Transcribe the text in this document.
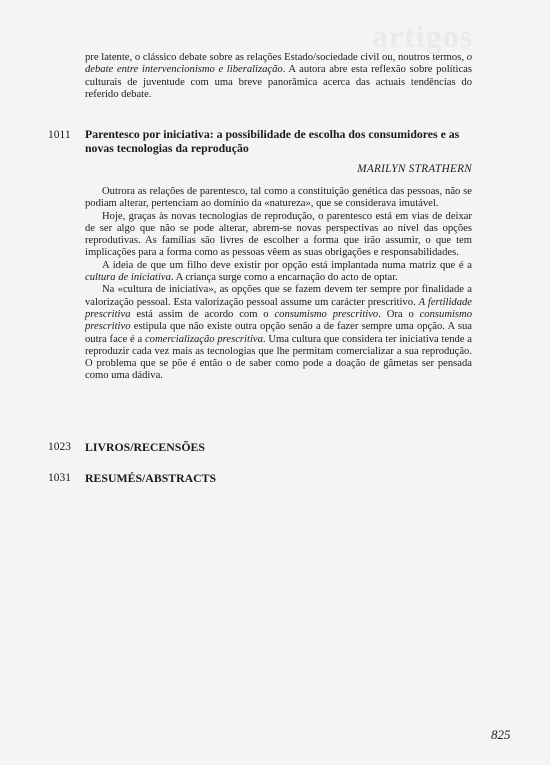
artigos

pre latente, o clássico debate sobre as relações Estado/sociedade civil ou, noutros termos, o debate entre intervencionismo e liberalização. A autora abre esta reflexão sobre políticas culturais de juventude com uma breve panorâmica acerca das actuais tendências do referido debate.

1011 Parentesco por iniciativa: a possibilidade de escolha dos consumidores e as novas tecnologias da reprodução
MARILYN STRATHERN

Outrora as relações de parentesco, tal como a constituição genética das pessoas, não se podiam alterar, pertenciam ao domínio da «natureza», que se considerava imutável.

Hoje, graças às novas tecnologias de reprodução, o parentesco está em vias de deixar de ser algo que não se pode alterar, abrem-se novas perspectivas ao nível das opções reprodutivas. As famílias são livres de escolher a forma que irão assumir, o que tem implicações para a forma como as pessoas vêem as suas obrigações e responsabilidades.

A ideia de que um filho deve existir por opção está implantada numa matriz que é a cultura de iniciativa. A criança surge como a encarnação do acto de optar.

Na «cultura de iniciativa», as opções que se fazem devem ter sempre por finalidade a valorização pessoal. Esta valorização pessoal assume um carácter prescritivo. A fertilidade prescritiva está assim de acordo com o consumismo prescritivo. Ora o consumismo prescritivo estipula que não existe outra opção senão a de fazer sempre uma opção. A sua outra face é a comercialização prescritiva. Uma cultura que considera ter iniciativa tende a reproduzir cada vez mais as tecnologias que lhe permitam comercializar a sua reprodução. O problema que se põe é então o de saber como pode a doação de gâmetas ser pensada como uma dádiva.

1023 LIVROS/RECENSÕES
1031 RESUMÉS/ABSTRACTS
825
